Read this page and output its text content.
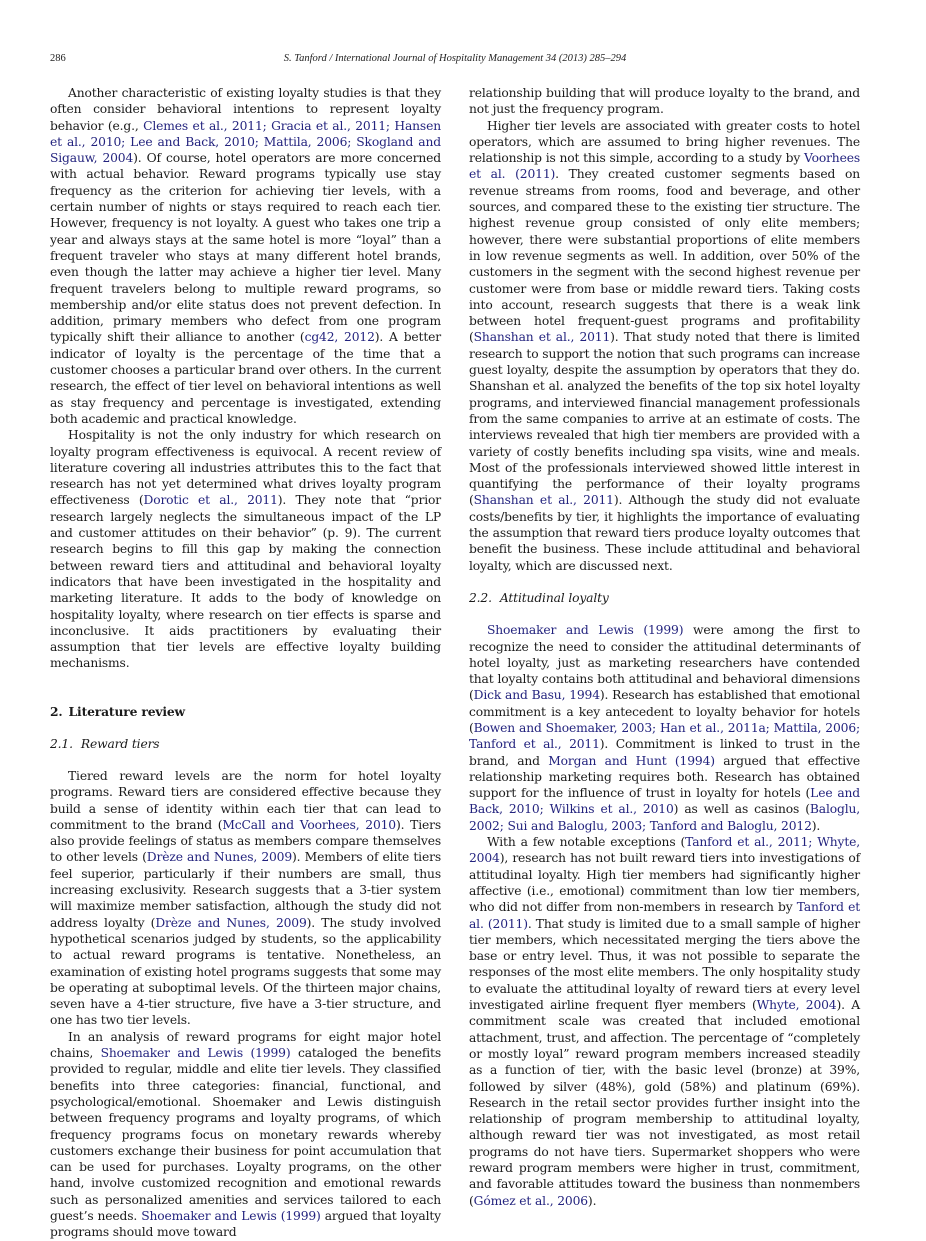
286	S. Tanford / International Journal of Hospitality Management 34 (2013) 285–294

Another characteristic of existing loyalty studies is that they often consider behavioral intentions to represent loyalty behavior (e.g., Clemes et al., 2011; Gracia et al., 2011; Hansen et al., 2010; Lee and Back, 2010; Mattila, 2006; Skogland and Sigauw, 2004). Of course, hotel operators are more concerned with actual behavior. Reward programs typically use stay frequency as the criterion for achieving tier levels, with a certain number of nights or stays required to reach each tier. However, frequency is not loyalty. A guest who takes one trip a year and always stays at the same hotel is more “loyal” than a frequent traveler who stays at many different hotel brands, even though the latter may achieve a higher tier level. Many frequent travelers belong to multiple reward programs, so membership and/or elite status does not prevent defection. In addition, primary members who defect from one program typically shift their alliance to another (cg42, 2012). A better indicator of loyalty is the percentage of the time that a customer chooses a particular brand over others. In the current research, the effect of tier level on behavioral intentions as well as stay frequency and percentage is investigated, extending both academic and practical knowledge.

Hospitality is not the only industry for which research on loyalty program effectiveness is equivocal. A recent review of literature covering all industries attributes this to the fact that research has not yet determined what drives loyalty program effectiveness (Dorotic et al., 2011). They note that “prior research largely neglects the simultaneous impact of the LP and customer attitudes on their behavior” (p. 9). The current research begins to fill this gap by making the connection between reward tiers and attitudinal and behavioral loyalty indicators that have been investigated in the hospitality and marketing literature. It adds to the body of knowledge on hospitality loyalty, where research on tier effects is sparse and inconclusive. It aids practitioners by evaluating their assumption that tier levels are effective loyalty building mechanisms.

2. Literature review
2.1. Reward tiers

Tiered reward levels are the norm for hotel loyalty programs. Reward tiers are considered effective because they build a sense of identity within each tier that can lead to commitment to the brand (McCall and Voorhees, 2010). Tiers also provide feelings of status as members compare themselves to other levels (Drèze and Nunes, 2009). Members of elite tiers feel superior, particularly if their numbers are small, thus increasing exclusivity. Research suggests that a 3-tier system will maximize member satisfaction, although the study did not address loyalty (Drèze and Nunes, 2009). The study involved hypothetical scenarios judged by students, so the applicability to actual reward programs is tentative. Nonetheless, an examination of existing hotel programs suggests that some may be operating at suboptimal levels. Of the thirteen major chains, seven have a 4-tier structure, five have a 3-tier structure, and one has two tier levels.

In an analysis of reward programs for eight major hotel chains, Shoemaker and Lewis (1999) cataloged the benefits provided to regular, middle and elite tier levels. They classified benefits into three categories: financial, functional, and psychological/emotional. Shoemaker and Lewis distinguish between frequency programs and loyalty programs, of which frequency programs focus on monetary rewards whereby customers exchange their business for point accumulation that can be used for purchases. Loyalty programs, on the other hand, involve customized recognition and emotional rewards such as personalized amenities and services tailored to each guest’s needs. Shoemaker and Lewis (1999) argued that loyalty programs should move toward

relationship building that will produce loyalty to the brand, and not just the frequency program.

Higher tier levels are associated with greater costs to hotel operators, which are assumed to bring higher revenues. The relationship is not this simple, according to a study by Voorhees et al. (2011). They created customer segments based on revenue streams from rooms, food and beverage, and other sources, and compared these to the existing tier structure. The highest revenue group consisted of only elite members; however, there were substantial proportions of elite members in low revenue segments as well. In addition, over 50% of the customers in the segment with the second highest revenue per customer were from base or middle reward tiers. Taking costs into account, research suggests that there is a weak link between hotel frequent-guest programs and profitability (Shanshan et al., 2011). That study noted that there is limited research to support the notion that such programs can increase guest loyalty, despite the assumption by operators that they do. Shanshan et al. analyzed the benefits of the top six hotel loyalty programs, and interviewed financial management professionals from the same companies to arrive at an estimate of costs. The interviews revealed that high tier members are provided with a variety of costly benefits including spa visits, wine and meals. Most of the professionals interviewed showed little interest in quantifying the performance of their loyalty programs (Shanshan et al., 2011). Although the study did not evaluate costs/benefits by tier, it highlights the importance of evaluating the assumption that reward tiers produce loyalty outcomes that benefit the business. These include attitudinal and behavioral loyalty, which are discussed next.

2.2. Attitudinal loyalty

Shoemaker and Lewis (1999) were among the first to recognize the need to consider the attitudinal determinants of hotel loyalty, just as marketing researchers have contended that loyalty contains both attitudinal and behavioral dimensions (Dick and Basu, 1994). Research has established that emotional commitment is a key antecedent to loyalty behavior for hotels (Bowen and Shoemaker, 2003; Han et al., 2011a; Mattila, 2006; Tanford et al., 2011). Commitment is linked to trust in the brand, and Morgan and Hunt (1994) argued that effective relationship marketing requires both. Research has obtained support for the influence of trust in loyalty for hotels (Lee and Back, 2010; Wilkins et al., 2010) as well as casinos (Baloglu, 2002; Sui and Baloglu, 2003; Tanford and Baloglu, 2012).

With a few notable exceptions (Tanford et al., 2011; Whyte, 2004), research has not built reward tiers into investigations of attitudinal loyalty. High tier members had significantly higher affective (i.e., emotional) commitment than low tier members, who did not differ from non-members in research by Tanford et al. (2011). That study is limited due to a small sample of higher tier members, which necessitated merging the tiers above the base or entry level. Thus, it was not possible to separate the responses of the most elite members. The only hospitality study to evaluate the attitudinal loyalty of reward tiers at every level investigated airline frequent flyer members (Whyte, 2004). A commitment scale was created that included emotional attachment, trust, and affection. The percentage of “completely or mostly loyal” reward program members increased steadily as a function of tier, with the basic level (bronze) at 39%, followed by silver (48%), gold (58%) and platinum (69%). Research in the retail sector provides further insight into the relationship of program membership to attitudinal loyalty, although reward tier was not investigated, as most retail programs do not have tiers. Supermarket shoppers who were reward program members were higher in trust, commitment, and favorable attitudes toward the business than nonmembers (Gómez et al., 2006).
